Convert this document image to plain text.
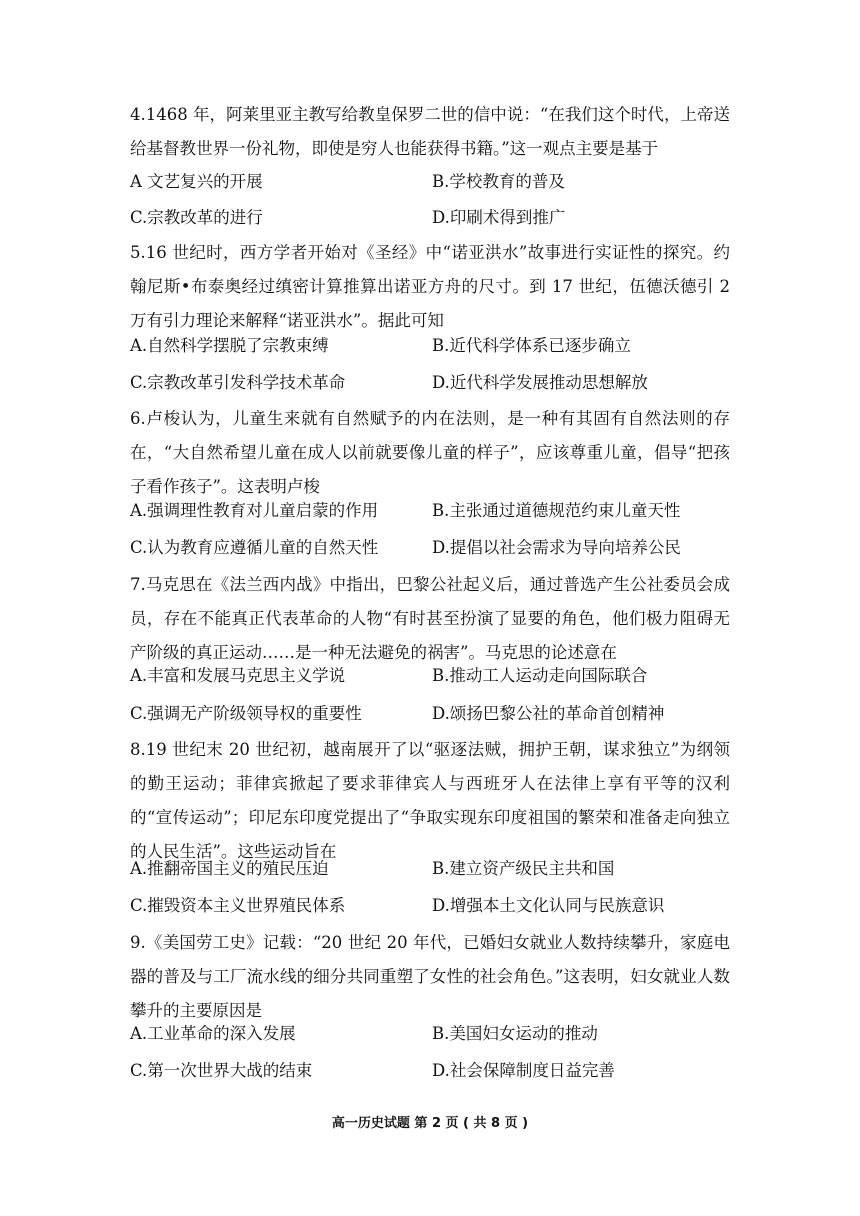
4.1468 年，阿莱里亚主教写给教皇保罗二世的信中说：“在我们这个时代，上帝送给基督教世界一份礼物，即使是穷人也能获得书籍。”这一观点主要是基于

A 文艺复兴的开展	B.学校教育的普及
C.宗教改革的进行	D.印刷术得到推广

5.16 世纪时，西方学者开始对《圣经》中“诺亚洪水”故事进行实证性的探究。约翰尼斯•布泰奥经过缜密计算推算出诺亚方舟的尺寸。到 17 世纪，伍德沃德引 2 万有引力理论来解释“诺亚洪水”。据此可知

A.自然科学摆脱了宗教束缚	B.近代科学体系已逐步确立
C.宗教改革引发科学技术革命	D.近代科学发展推动思想解放

6.卢梭认为，儿童生来就有自然赋予的内在法则，是一种有其固有自然法则的存在，“大自然希望儿童在成人以前就要像儿童的样子”，应该尊重儿童，倡导“把孩子看作孩子”。这表明卢梭

A.强调理性教育对儿童启蒙的作用	B.主张通过道德规范约束儿童天性
C.认为教育应遵循儿童的自然天性	D.提倡以社会需求为导向培养公民

7.马克思在《法兰西内战》中指出，巴黎公社起义后，通过普选产生公社委员会成员，存在不能真正代表革命的人物“有时甚至扮演了显要的角色，他们极力阻碍无产阶级的真正运动……是一种无法避免的祸害”。马克思的论述意在

A.丰富和发展马克思主义学说	B.推动工人运动走向国际联合
C.强调无产阶级领导权的重要性	D.颂扬巴黎公社的革命首创精神

8.19 世纪末 20 世纪初，越南展开了以“驱逐法贼，拥护王朝，谋求独立”为纲领的勤王运动；菲律宾掀起了要求菲律宾人与西班牙人在法律上享有平等的汉利的“宣传运动”；印尼东印度党提出了“争取实现东印度祖国的繁荣和准备走向独立的人民生活”。这些运动旨在

A.推翻帝国主义的殖民压迫	B.建立资产级民主共和国
C.摧毁资本主义世界殖民体系	D.增强本土文化认同与民族意识

9.《美国劳工史》记载：“20 世纪 20 年代，已婚妇女就业人数持续攀升，家庭电器的普及与工厂流水线的细分共同重塑了女性的社会角色。”这表明，妇女就业人数攀升的主要原因是

A.工业革命的深入发展	B.美国妇女运动的推动
C.第一次世界大战的结束	D.社会保障制度日益完善
高一历史试题 第 2 页 ( 共 8 页 )
